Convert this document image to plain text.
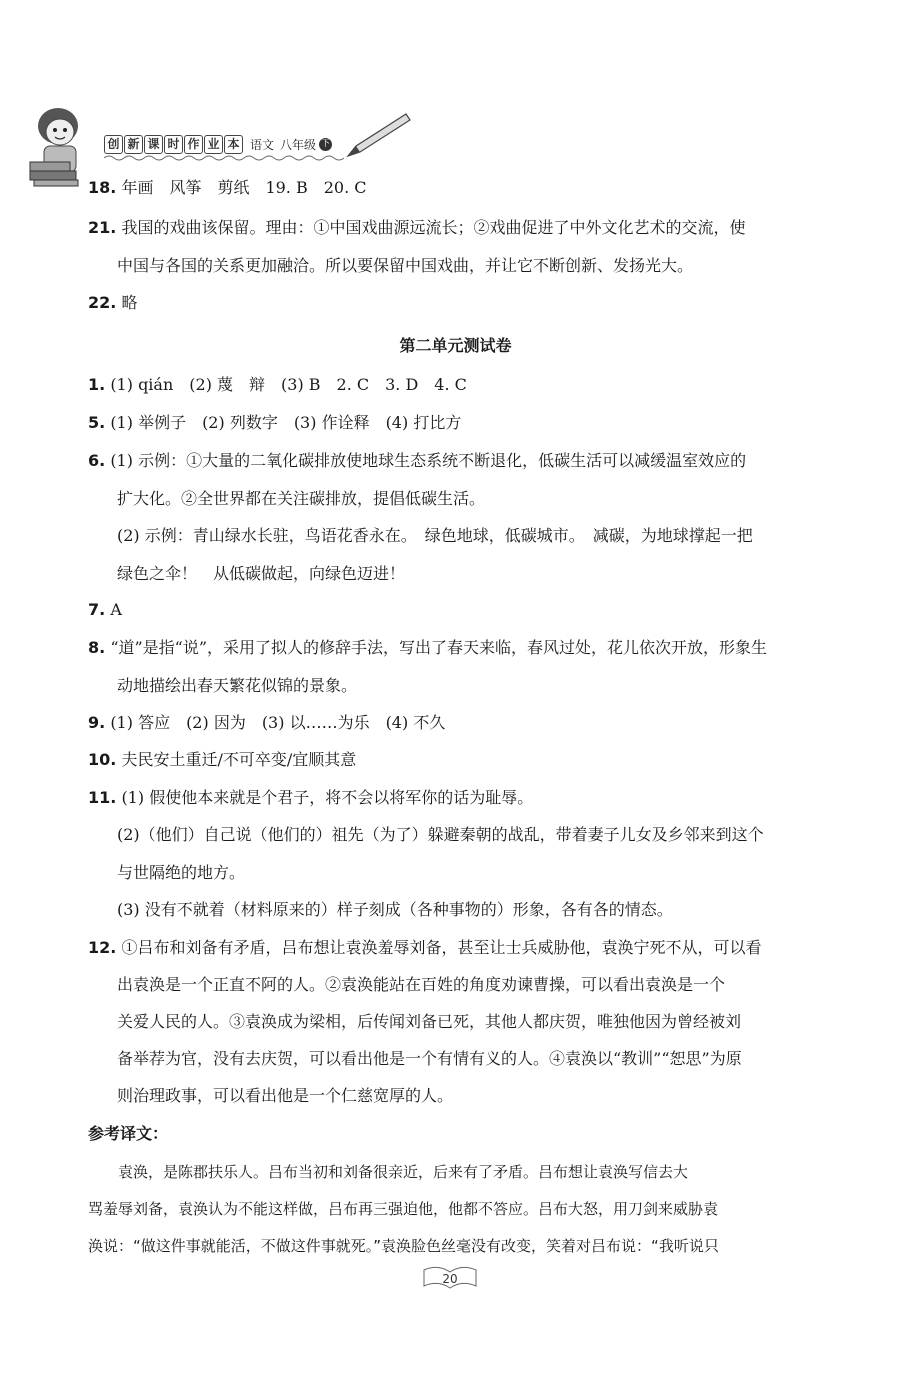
创 新 课 时 作 业 本 语文 八年级 下
18. 年画　风筝　剪纸　19. B　20. C
21. 我国的戏曲该保留。理由：①中国戏曲源远流长；②戏曲促进了中外文化艺术的交流，使
中国与各国的关系更加融洽。所以要保留中国戏曲，并让它不断创新、发扬光大。
22. 略
第二单元测试卷
1. (1) qián　(2) 蔑　辩　(3) B　2. C　3. D　4. C
5. (1) 举例子　(2) 列数字　(3) 作诠释　(4) 打比方
6. (1) 示例：①大量的二氧化碳排放使地球生态系统不断退化，低碳生活可以减缓温室效应的
扩大化。②全世界都在关注碳排放，提倡低碳生活。
(2) 示例：青山绿水长驻，鸟语花香永在。　绿色地球，低碳城市。　减碳，为地球撑起一把
绿色之伞！　从低碳做起，向绿色迈进！
7. A
8. “道”是指“说”，采用了拟人的修辞手法，写出了春天来临，春风过处，花儿依次开放，形象生
动地描绘出春天繁花似锦的景象。
9. (1) 答应　(2) 因为　(3) 以……为乐　(4) 不久
10. 夫民安土重迁/不可卒变/宜顺其意
11. (1) 假使他本来就是个君子，将不会以将军你的话为耻辱。
(2)（他们）自己说（他们的）祖先（为了）躲避秦朝的战乱，带着妻子儿女及乡邻来到这个
与世隔绝的地方。
(3) 没有不就着（材料原来的）样子刻成（各种事物的）形象，各有各的情态。
12. ①吕布和刘备有矛盾，吕布想让袁涣羞辱刘备，甚至让士兵威胁他，袁涣宁死不从，可以看
出袁涣是一个正直不阿的人。②袁涣能站在百姓的角度劝谏曹操，可以看出袁涣是一个
关爱人民的人。③袁涣成为梁相，后传闻刘备已死，其他人都庆贺，唯独他因为曾经被刘
备举荐为官，没有去庆贺，可以看出他是一个有情有义的人。④袁涣以“教训”“恕思”为原
则治理政事，可以看出他是一个仁慈宽厚的人。
参考译文：
　　袁涣，是陈郡扶乐人。吕布当初和刘备很亲近，后来有了矛盾。吕布想让袁涣写信去大
骂羞辱刘备，袁涣认为不能这样做，吕布再三强迫他，他都不答应。吕布大怒，用刀剑来威胁袁
涣说：“做这件事就能活，不做这件事就死。”袁涣脸色丝毫没有改变，笑着对吕布说：“我听说只
20
